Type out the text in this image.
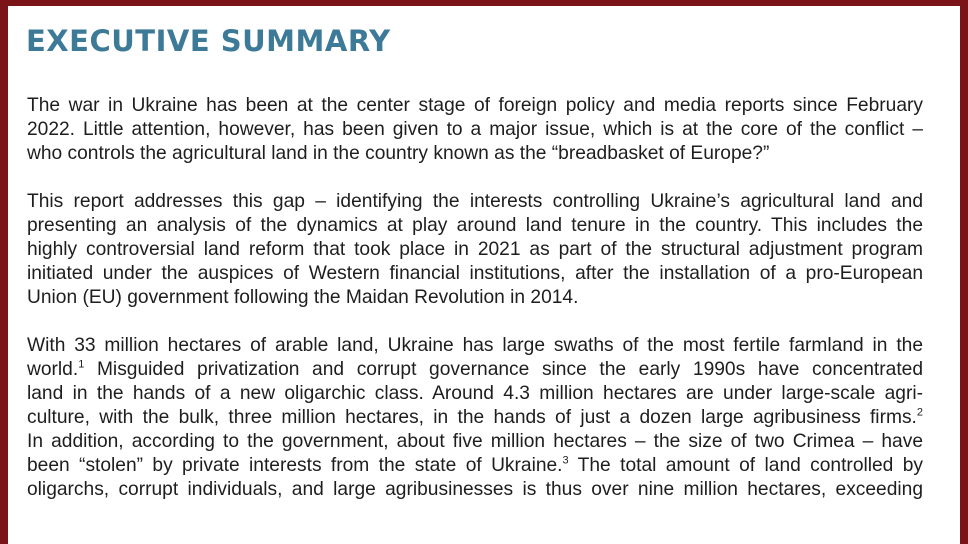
EXECUTIVE SUMMARY

The war in Ukraine has been at the center stage of foreign policy and media reports since February
2022. Little attention, however, has been given to a major issue, which is at the core of the conflict –
who controls the agricultural land in the country known as the “breadbasket of Europe?”

This report addresses this gap – identifying the interests controlling Ukraine’s agricultural land and
presenting an analysis of the dynamics at play around land tenure in the country. This includes the
highly controversial land reform that took place in 2021 as part of the structural adjustment program
initiated under the auspices of Western financial institutions, after the installation of a pro-European
Union (EU) government following the Maidan Revolution in 2014.

With 33 million hectares of arable land, Ukraine has large swaths of the most fertile farmland in the
world.$^1$ Misguided privatization and corrupt governance since the early 1990s have concentrated
land in the hands of a new oligarchic class. Around 4.3 million hectares are under large-scale agri-
culture, with the bulk, three million hectares, in the hands of just a dozen large agribusiness firms.$^2$
In addition, according to the government, about five million hectares – the size of two Crimea – have
been “stolen” by private interests from the state of Ukraine.$^3$ The total amount of land controlled by
oligarchs, corrupt individuals, and large agribusinesses is thus over nine million hectares, exceeding
